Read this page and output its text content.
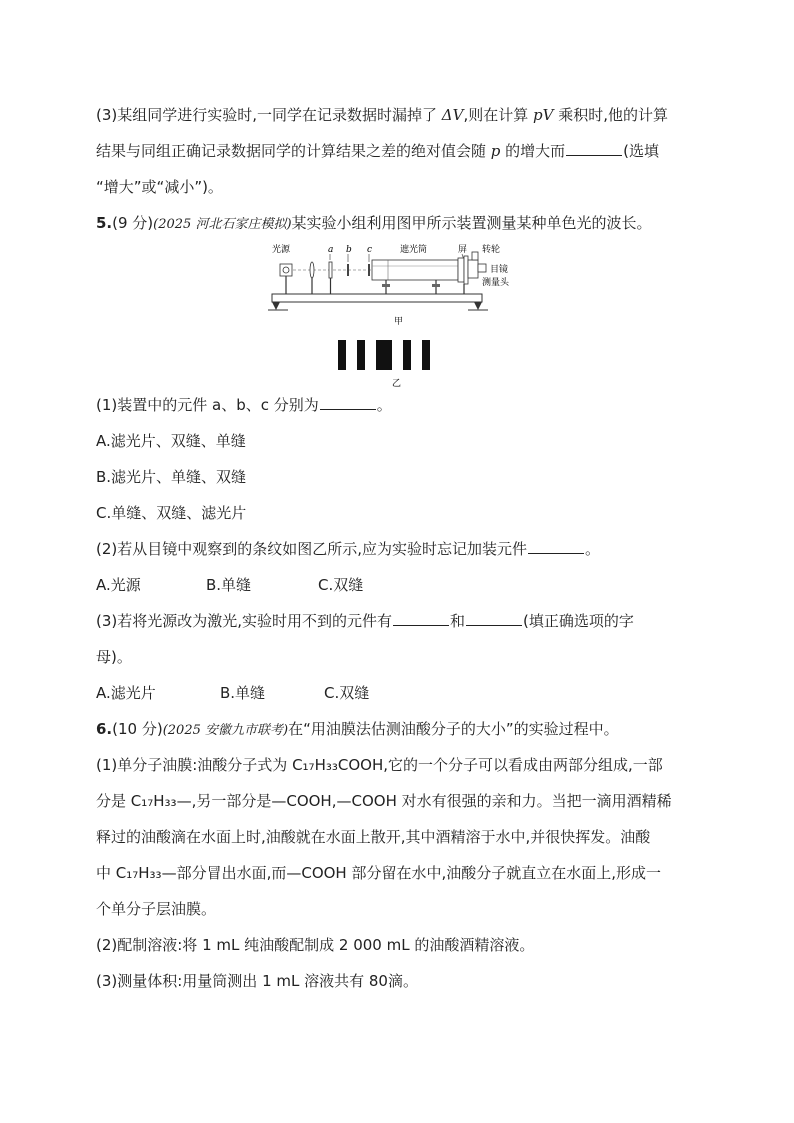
(3)某组同学进行实验时,一同学在记录数据时漏掉了 ΔV,则在计算 pV 乘积时,他的计算
结果与同组正确记录数据同学的计算结果之差的绝对值会随 p 的增大而	(选填
“增大”或“减小”)。
5.(9 分)(2025 河北石家庄模拟)某实验小组利用图甲所示装置测量某种单色光的波长。
光源	a b c	遮光筒	屏 转轮
目镜
测量头
甲
乙
(1)装置中的元件 a、b、c 分别为	。
A.滤光片、双缝、单缝
B.滤光片、单缝、双缝
C.单缝、双缝、滤光片
(2)若从目镜中观察到的条纹如图乙所示,应为实验时忘记加装元件	。
A.光源	B.单缝	C.双缝
(3)若将光源改为激光,实验时用不到的元件有	和	(填正确选项的字
母)。
A.滤光片	B.单缝	C.双缝
6.(10 分)(2025 安徽九市联考)在“用油膜法估测油酸分子的大小”的实验过程中。
(1)单分子油膜:油酸分子式为 C₁₇H₃₃COOH,它的一个分子可以看成由两部分组成,一部
分是 C₁₇H₃₃—,另一部分是—COOH,—COOH 对水有很强的亲和力。当把一滴用酒精稀
释过的油酸滴在水面上时,油酸就在水面上散开,其中酒精溶于水中,并很快挥发。油酸
中 C₁₇H₃₃—部分冒出水面,而—COOH 部分留在水中,油酸分子就直立在水面上,形成一
个单分子层油膜。
(2)配制溶液:将 1 mL 纯油酸配制成 2 000 mL 的油酸酒精溶液。
(3)测量体积:用量筒测出 1 mL 溶液共有 80滴。
